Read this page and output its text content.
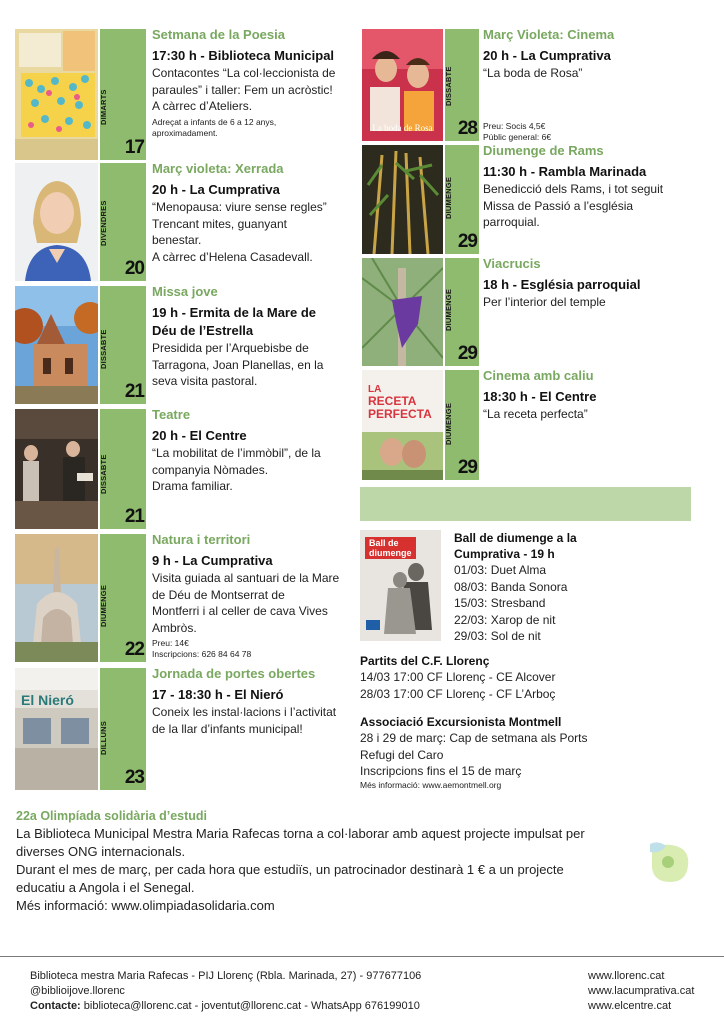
DIMARTS
17
Setmana de la Poesia
17:30 h - Biblioteca Municipal
Contacontes “La col·leccionista de
paraules” i taller: Fem un acròstic!
A càrrec d’Ateliers.
Adreçat a infants de 6 a 12 anys,
aproximadament.
DIVENDRES
20
Març violeta: Xerrada
20 h - La Cumprativa
“Menopausa: viure sense regles”
Trencant mites, guanyant
benestar.
A càrrec d’Helena Casadevall.
DISSABTE
21
Missa jove
19 h - Ermita de la Mare de
Déu de l’Estrella
Presidida per l’Arquebisbe de
Tarragona, Joan Planellas, en la
seva visita pastoral.
DISSABTE
21
Teatre
20 h - El Centre
“La mobilitat de l’immòbil”, de la
companyia Nòmades.
Drama familiar.
DIUMENGE
22
Natura i territori
9 h - La Cumprativa
Visita guiada al santuari de la Mare
de Déu de Montserrat de
Montferri i al celler de cava Vives
Ambròs.
Preu: 14€
Inscripcions: 626 84 64 78
El Nieró
DILLUNS
23
Jornada de portes obertes
17 - 18:30 h - El Nieró
Coneix les instal·lacions i l’activitat
de la llar d’infants municipal!
La boda de Rosa
DISSABTE
28
Març Violeta: Cinema
20 h - La Cumprativa
“La boda de Rosa”
Preu: Socis 4,5€
Públic general: 6€
DIUMENGE
29
Diumenge de Rams
11:30 h - Rambla Marinada
Benedicció dels Rams, i tot seguit
Missa de Passió a l’església
parroquial.
DIUMENGE
29
Viacrucis
18 h - Església parroquial
Per l’interior del temple
LA
RECETA
PERFECTA DIUMENGE
29
Cinema amb caliu
18:30 h - El Centre
“La receta perfecta”
Ball de
diumenge
Ball de diumenge a la
Cumprativa - 19 h
01/03: Duet Alma
08/03: Banda Sonora
15/03: Stresband
22/03: Xarop de nit
29/03: Sol de nit
Partits del C.F. Llorenç
14/03 17:00 CF Llorenç - CE Alcover
28/03 17:00 CF Llorenç - CF L’Arboç
Associació Excursionista Montmell
28 i 29 de març: Cap de setmana als Ports
Refugi del Caro
Inscripcions fins el 15 de març
Més informació: www.aemontmell.org
22a Olimpíada solidària d’estudi
La Biblioteca Municipal Mestra Maria Rafecas torna a col·laborar amb aquest projecte impulsat per
diverses ONG internacionals.
Durant el mes de març, per cada hora que estudiïs, un patrocinador destinarà 1 € a un projecte
educatiu a Angola i el Senegal.
Més informació: www.olimpiadasolidaria.com
Biblioteca mestra Maria Rafecas - PIJ Llorenç (Rbla. Marinada, 27) - 977677106
@biblioijove.llorenc
Contacte: biblioteca@llorenc.cat - joventut@llorenc.cat - WhatsApp 676199010
www.llorenc.cat
www.lacumprativa.cat
www.elcentre.cat
